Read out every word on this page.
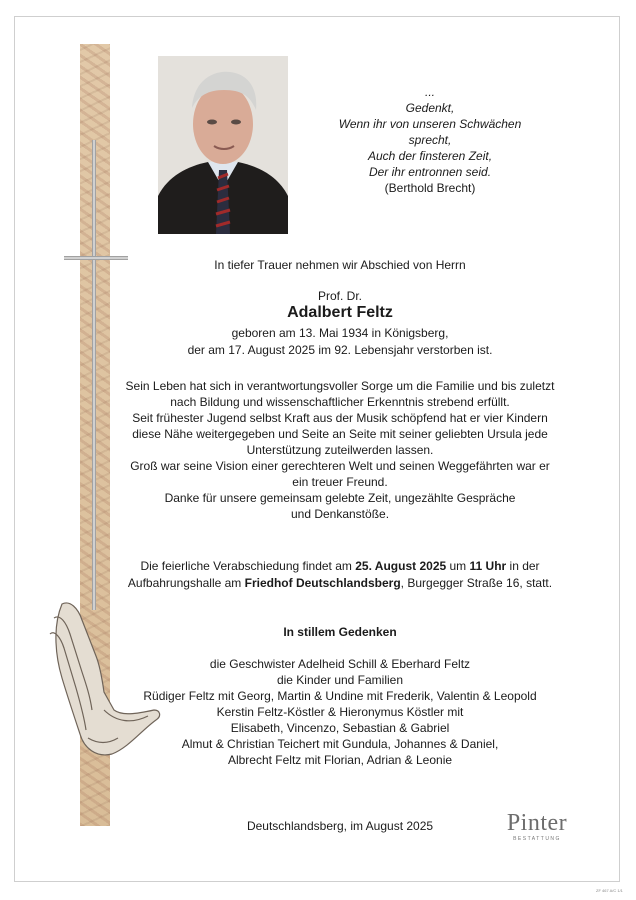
...
Gedenkt,
Wenn ihr von unseren Schwächen
sprecht,
Auch der finsteren Zeit,
Der ihr entronnen seid.
(Berthold Brecht)
In tiefer Trauer nehmen wir Abschied von Herrn
Prof. Dr.
Adalbert Feltz
geboren am 13. Mai 1934 in Königsberg,
der am 17. August 2025 im 92. Lebensjahr verstorben ist.
Sein Leben hat sich in verantwortungsvoller Sorge um die Familie und bis zuletzt
nach Bildung und wissenschaftlicher Erkenntnis strebend erfüllt.
Seit frühester Jugend selbst Kraft aus der Musik schöpfend hat er vier Kindern
diese Nähe weitergegeben und Seite an Seite mit seiner geliebten Ursula jede
Unterstützung zuteilwerden lassen.
Groß war seine Vision einer gerechteren Welt und seinen Weggefährten war er
ein treuer Freund.
Danke für unsere gemeinsam gelebte Zeit, ungezählte Gespräche
und Denkanstöße.
Die feierliche Verabschiedung findet am 25. August 2025 um 11 Uhr in der
Aufbahrungshalle am Friedhof Deutschlandsberg, Burgegger Straße 16, statt.
In stillem Gedenken
die Geschwister Adelheid Schill & Eberhard Feltz
die Kinder und Familien
Rüdiger Feltz mit Georg, Martin & Undine mit Frederik, Valentin & Leopold
Kerstin Feltz-Köstler & Hieronymus Köstler mit
Elisabeth, Vincenzo, Sebastian & Gabriel
Almut & Christian Teichert mit Gundula, Johannes & Daniel,
Albrecht Feltz mit Florian, Adrian & Leonie
Deutschlandsberg, im August 2025	Pinter
BESTATTUNG
ZF 467 A/C 1/1
